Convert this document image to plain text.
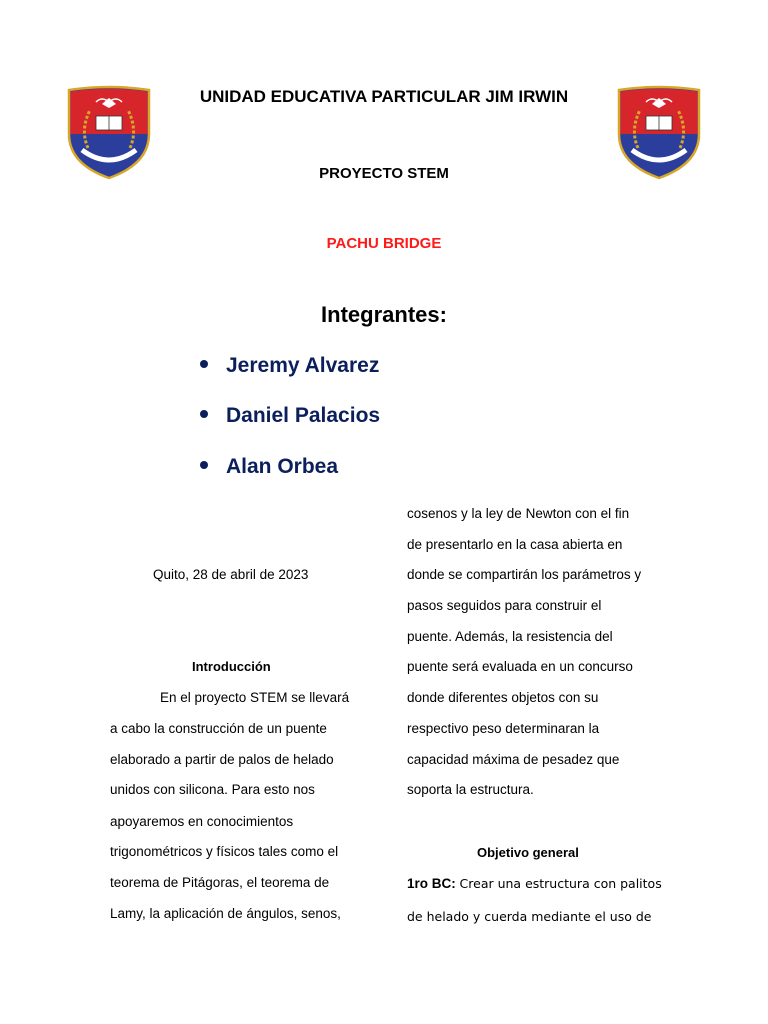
UNIDAD EDUCATIVA PARTICULAR JIM IRWIN
PROYECTO STEM
PACHU BRIDGE
Integrantes:
Jeremy Alvarez
Daniel Palacios
Alan Orbea
Quito, 28 de abril de 2023
Introducción
En el proyecto STEM se llevará
a cabo la construcción de un puente
elaborado a partir de palos de helado
unidos con silicona. Para esto nos
apoyaremos en conocimientos
trigonométricos y físicos tales como el
teorema de Pitágoras, el teorema de
Lamy, la aplicación de ángulos, senos,
cosenos y la ley de Newton con el fin
de presentarlo en la casa abierta en
donde se compartirán los parámetros y
pasos seguidos para construir el
puente. Además, la resistencia del
puente será evaluada en un concurso
donde diferentes objetos con su
respectivo peso determinaran la
capacidad máxima de pesadez que
soporta la estructura.
Objetivo general
1ro BC: Crear una estructura con palitos
de helado y cuerda mediante el uso de
